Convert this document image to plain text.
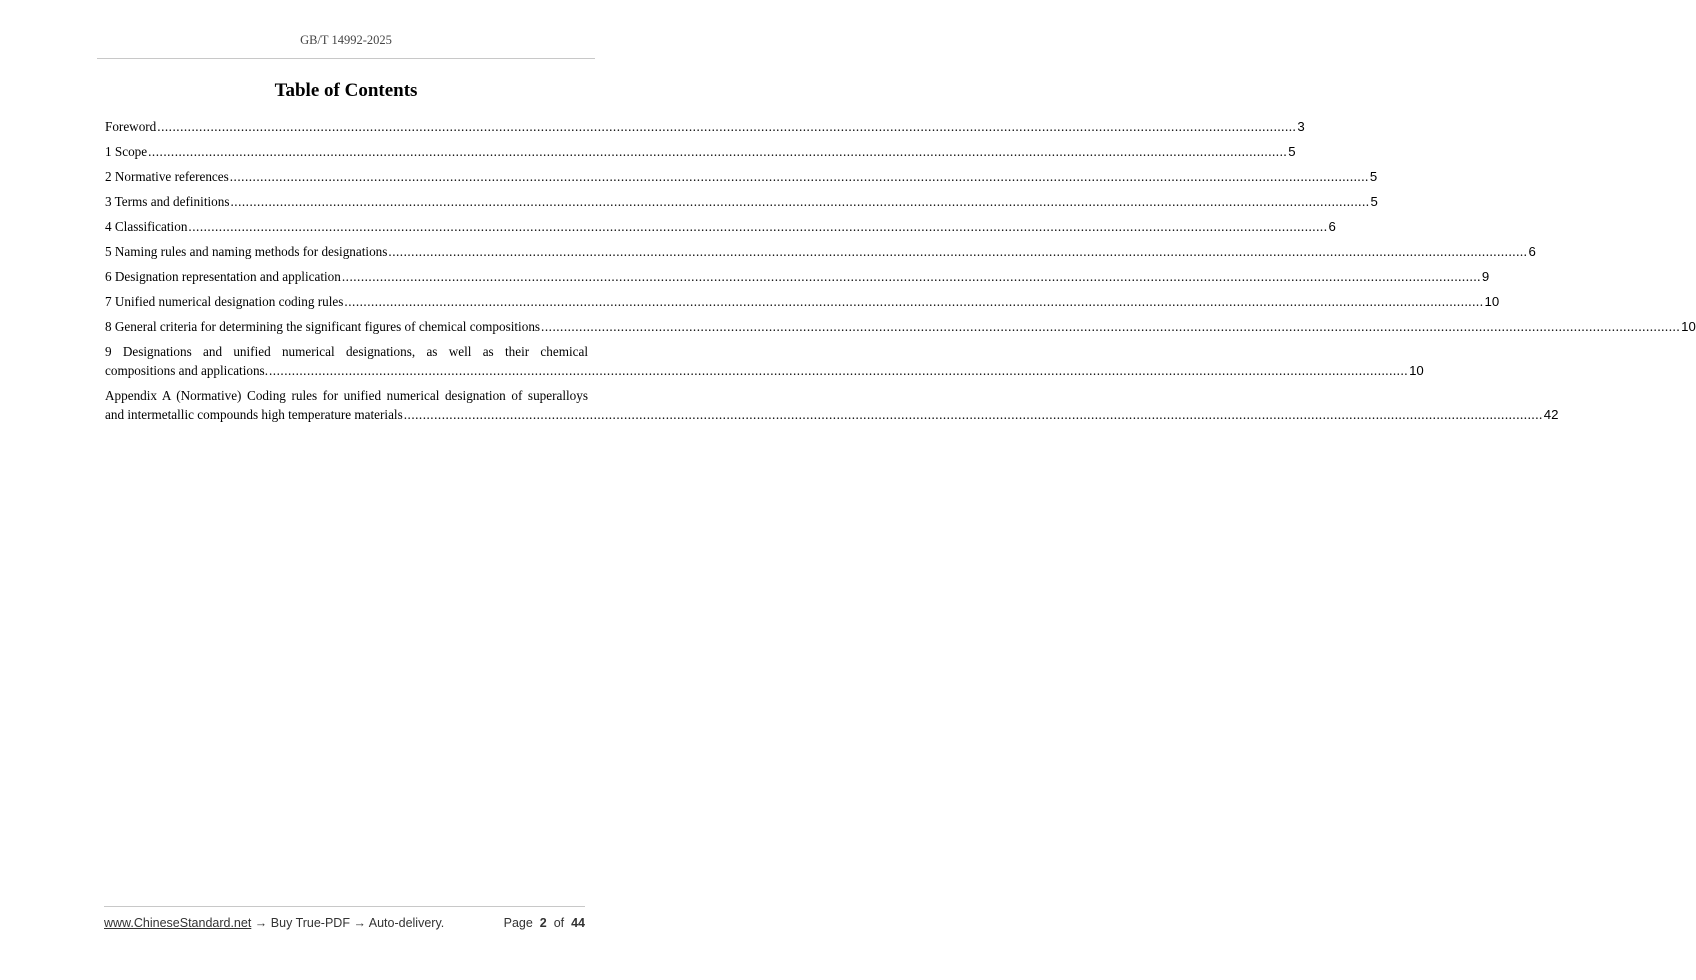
GB/T 14992-2025
Table of Contents
Foreword ............................................................................................................................................................................................................................................................................................................ 3
1 Scope ............................................................................................................................................................................................................................................................................................................ 5
2 Normative references ............................................................................................................................................................................................................................................................................................................ 5
3 Terms and definitions ............................................................................................................................................................................................................................................................................................................ 5
4 Classification ............................................................................................................................................................................................................................................................................................................ 6
5 Naming rules and naming methods for designations ............................................................................................................................................................................................................................................................................................................ 6
6 Designation representation and application ............................................................................................................................................................................................................................................................................................................ 9
7 Unified numerical designation coding rules ............................................................................................................................................................................................................................................................................................................ 10
8 General criteria for determining the significant figures of chemical compositions ............................................................................................................................................................................................................................................................................................................ 10
9 Designations and unified numerical designations, as well as their chemical
compositions and applications. ............................................................................................................................................................................................................................................................................................................ 10
Appendix A (Normative) Coding rules for unified numerical designation of superalloys
and intermetallic compounds high temperature materials ............................................................................................................................................................................................................................................................................................................ 42
www.ChineseStandard.net → Buy True-PDF → Auto-delivery.	Page 2 of 44
